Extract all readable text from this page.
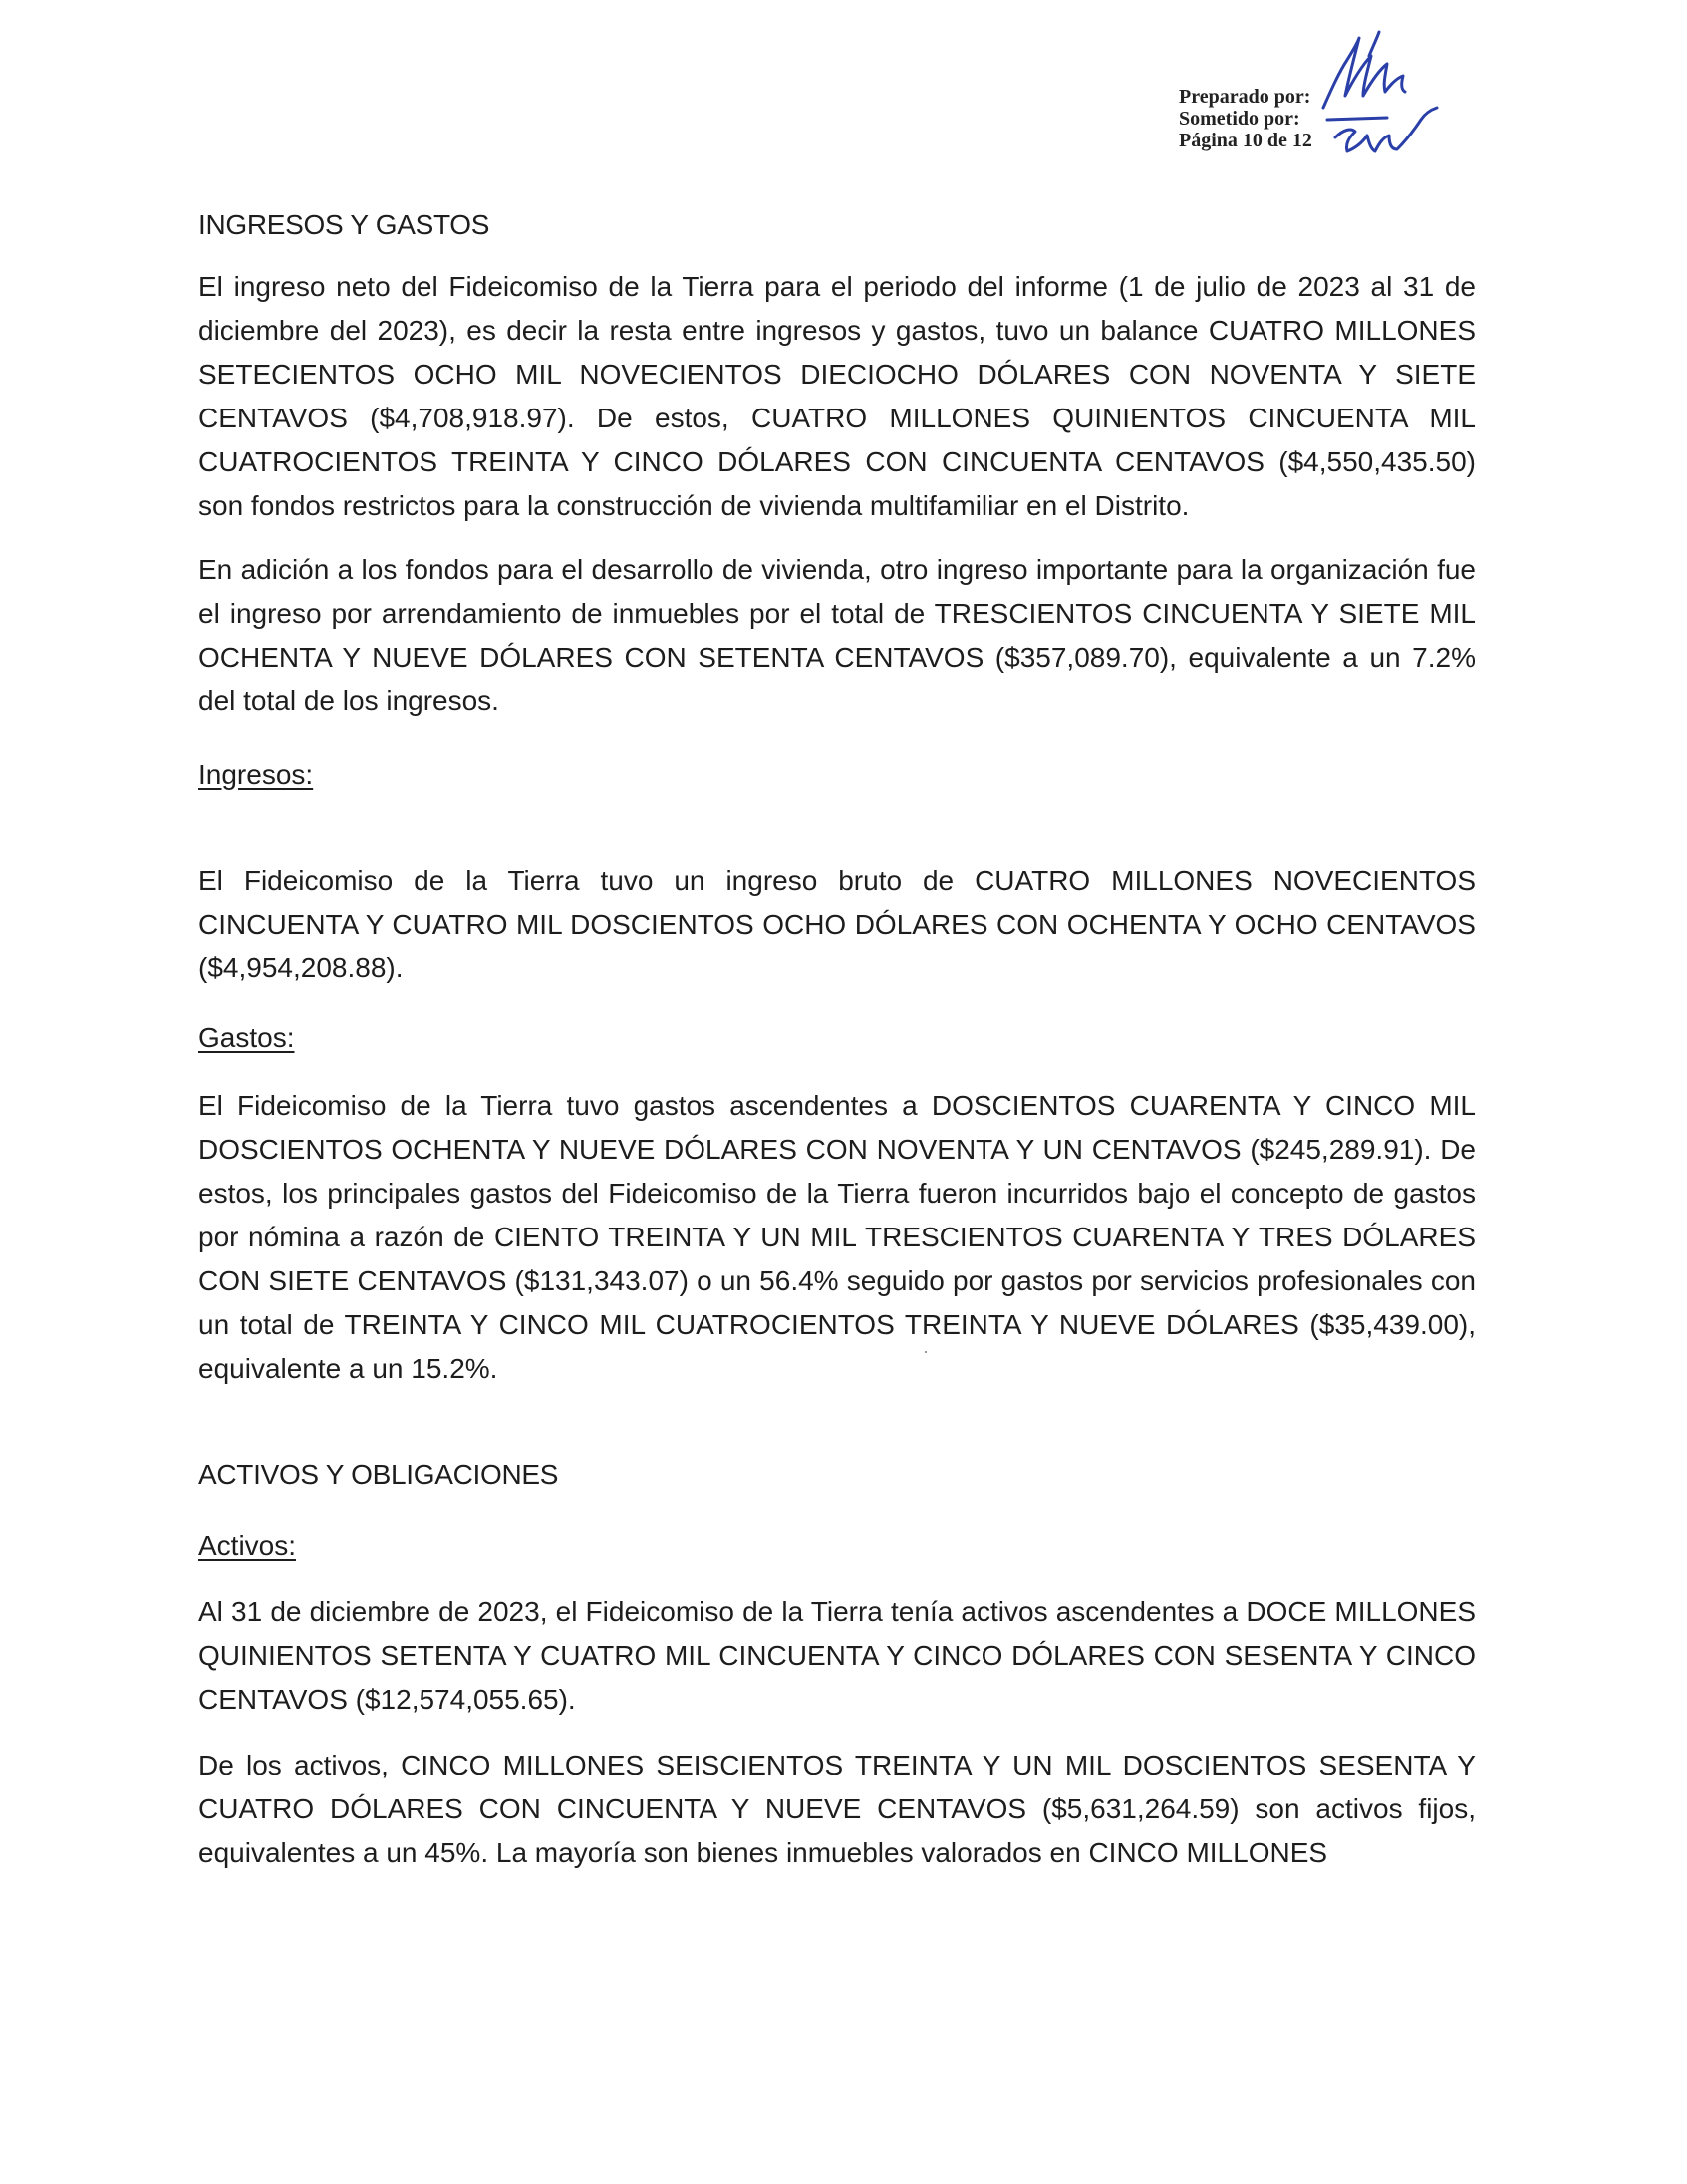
Preparado por:
Sometido por:
Página 10 de 12
INGRESOS Y GASTOS

El ingreso neto del Fideicomiso de la Tierra para el periodo del informe (1 de julio de 2023 al 31 de diciembre del 2023), es decir la resta entre ingresos y gastos, tuvo un balance CUATRO MILLONES SETECIENTOS OCHO MIL NOVECIENTOS DIECIOCHO DÓLARES CON NOVENTA Y SIETE CENTAVOS ($4,708,918.97). De estos, CUATRO MILLONES QUINIENTOS CINCUENTA MIL CUATROCIENTOS TREINTA Y CINCO DÓLARES CON CINCUENTA CENTAVOS ($4,550,435.50) son fondos restrictos para la construcción de vivienda multifamiliar en el Distrito.

En adición a los fondos para el desarrollo de vivienda, otro ingreso importante para la organización fue el ingreso por arrendamiento de inmuebles por el total de TRESCIENTOS CINCUENTA Y SIETE MIL OCHENTA Y NUEVE DÓLARES CON SETENTA CENTAVOS ($357,089.70), equivalente a un 7.2% del total de los ingresos.

Ingresos:

El Fideicomiso de la Tierra tuvo un ingreso bruto de CUATRO MILLONES NOVECIENTOS CINCUENTA Y CUATRO MIL DOSCIENTOS OCHO DÓLARES CON OCHENTA Y OCHO CENTAVOS ($4,954,208.88).

Gastos:

El Fideicomiso de la Tierra tuvo gastos ascendentes a DOSCIENTOS CUARENTA Y CINCO MIL DOSCIENTOS OCHENTA Y NUEVE DÓLARES CON NOVENTA Y UN CENTAVOS ($245,289.91). De estos, los principales gastos del Fideicomiso de la Tierra fueron incurridos bajo el concepto de gastos por nómina a razón de CIENTO TREINTA Y UN MIL TRESCIENTOS CUARENTA Y TRES DÓLARES CON SIETE CENTAVOS ($131,343.07) o un 56.4% seguido por gastos por servicios profesionales con un total de TREINTA Y CINCO MIL CUATROCIENTOS TREINTA Y NUEVE DÓLARES ($35,439.00), equivalente a un 15.2%.

ACTIVOS Y OBLIGACIONES
Activos:

Al 31 de diciembre de 2023, el Fideicomiso de la Tierra tenía activos ascendentes a DOCE MILLONES QUINIENTOS SETENTA Y CUATRO MIL CINCUENTA Y CINCO DÓLARES CON SESENTA Y CINCO CENTAVOS ($12,574,055.65).

De los activos, CINCO MILLONES SEISCIENTOS TREINTA Y UN MIL DOSCIENTOS SESENTA Y CUATRO DÓLARES CON CINCUENTA Y NUEVE CENTAVOS ($5,631,264.59) son activos fijos, equivalentes a un 45%. La mayoría son bienes inmuebles valorados en CINCO MILLONES
